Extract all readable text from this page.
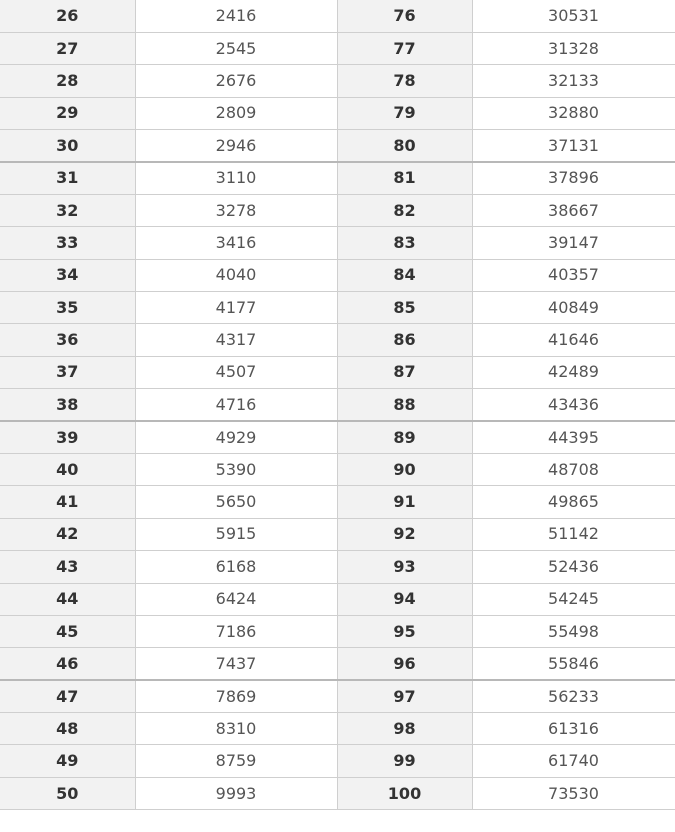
26	2416	76	30531
27	2545	77	31328
28	2676	78	32133
29	2809	79	32880
30	2946	80	37131
31	3110	81	37896
32	3278	82	38667
33	3416	83	39147
34	4040	84	40357
35	4177	85	40849
36	4317	86	41646
37	4507	87	42489
38	4716	88	43436
39	4929	89	44395
40	5390	90	48708
41	5650	91	49865
42	5915	92	51142
43	6168	93	52436
44	6424	94	54245
45	7186	95	55498
46	7437	96	55846
47	7869	97	56233
48	8310	98	61316
49	8759	99	61740
50	9993	100	73530
